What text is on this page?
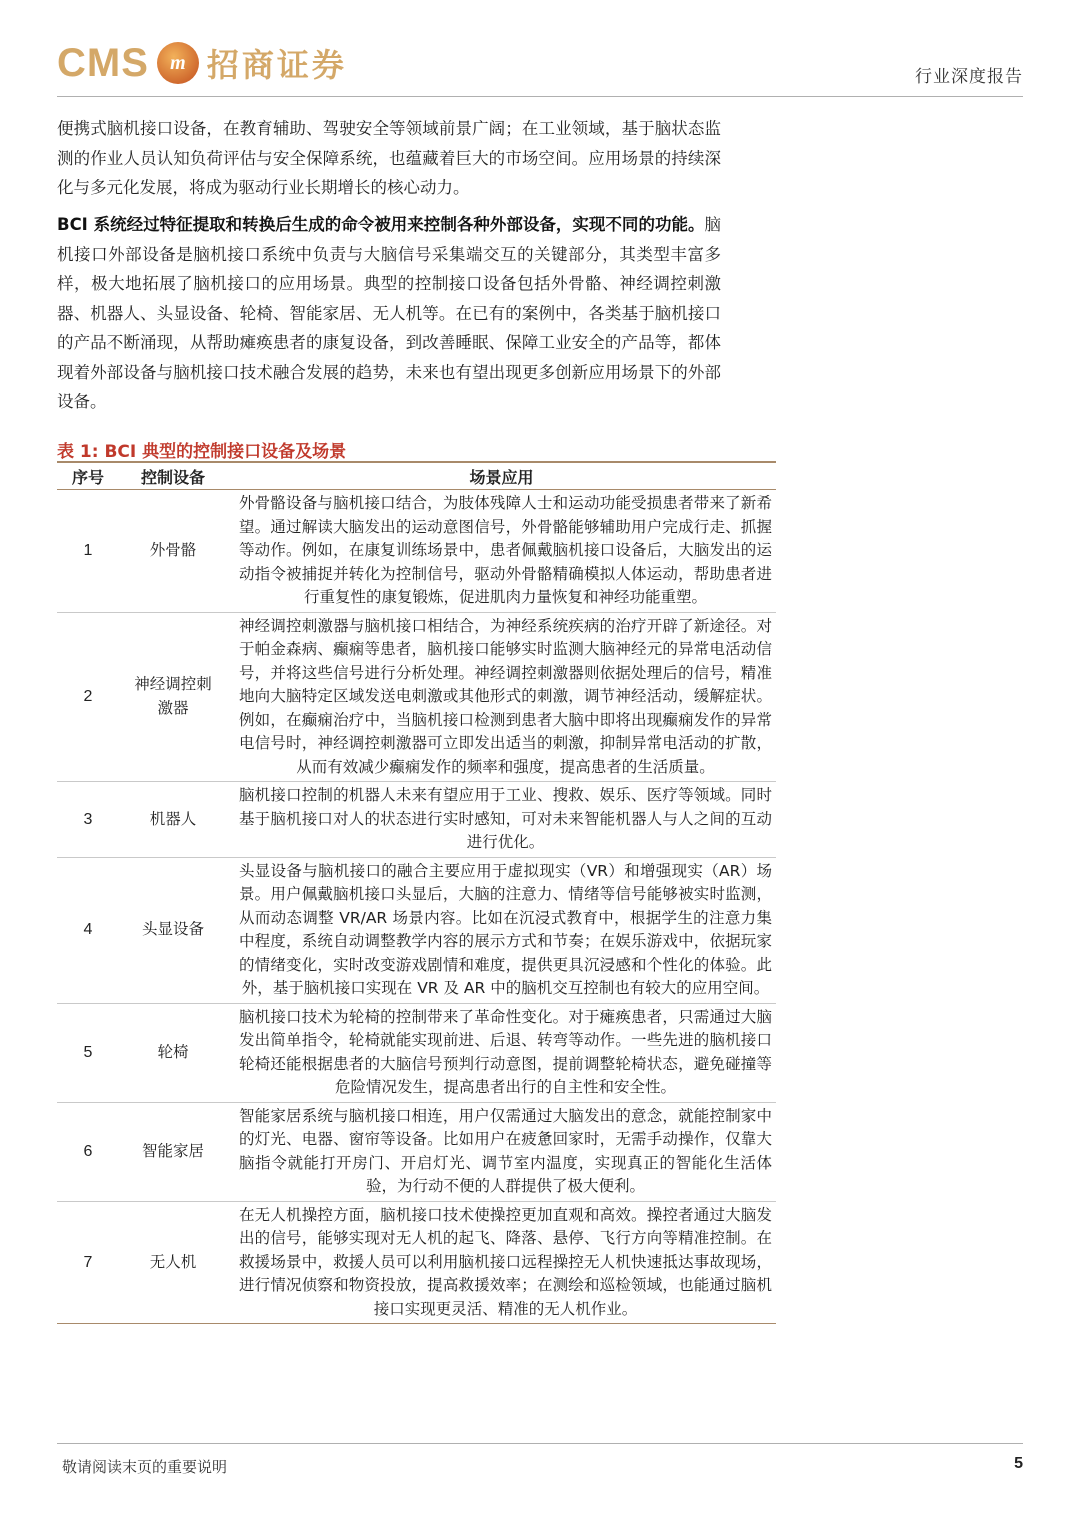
CMS	m 招商证券	行业深度报告

便携式脑机接口设备，在教育辅助、驾驶安全等领域前景广阔；在工业领域，基于脑状态监测的作业人员认知负荷评估与安全保障系统，也蕴藏着巨大的市场空间。应用场景的持续深化与多元化发展，将成为驱动行业长期增长的核心动力。

BCI 系统经过特征提取和转换后生成的命令被用来控制各种外部设备，实现不同的功能。脑机接口外部设备是脑机接口系统中负责与大脑信号采集端交互的关键部分，其类型丰富多样，极大地拓展了脑机接口的应用场景。典型的控制接口设备包括外骨骼、神经调控刺激器、机器人、头显设备、轮椅、智能家居、无人机等。在已有的案例中，各类基于脑机接口的产品不断涌现，从帮助瘫痪患者的康复设备，到改善睡眠、保障工业安全的产品等，都体现着外部设备与脑机接口技术融合发展的趋势，未来也有望出现更多创新应用场景下的外部设备。

表 1: BCI 典型的控制接口设备及场景
序号	控制设备	场景应用
1	外骨骼	外骨骼设备与脑机接口结合，为肢体残障人士和运动功能受损患者带来了新希望。通过解读大脑发出的运动意图信号，外骨骼能够辅助用户完成行走、抓握等动作。例如，在康复训练场景中，患者佩戴脑机接口设备后，大脑发出的运动指令被捕捉并转化为控制信号，驱动外骨骼精确模拟人体运动，帮助患者进行重复性的康复锻炼，促进肌肉力量恢复和神经功能重塑。
2	神经调控刺激器	神经调控刺激器与脑机接口相结合，为神经系统疾病的治疗开辟了新途径。对于帕金森病、癫痫等患者，脑机接口能够实时监测大脑神经元的异常电活动信号，并将这些信号进行分析处理。神经调控刺激器则依据处理后的信号，精准地向大脑特定区域发送电刺激或其他形式的刺激，调节神经活动，缓解症状。例如，在癫痫治疗中，当脑机接口检测到患者大脑中即将出现癫痫发作的异常电信号时，神经调控刺激器可立即发出适当的刺激，抑制异常电活动的扩散，从而有效减少癫痫发作的频率和强度，提高患者的生活质量。
3	机器人	脑机接口控制的机器人未来有望应用于工业、搜救、娱乐、医疗等领域。同时基于脑机接口对人的状态进行实时感知，可对未来智能机器人与人之间的互动进行优化。
4	头显设备	头显设备与脑机接口的融合主要应用于虚拟现实（VR）和增强现实（AR）场景。用户佩戴脑机接口头显后，大脑的注意力、情绪等信号能够被实时监测，从而动态调整 VR/AR 场景内容。比如在沉浸式教育中，根据学生的注意力集中程度，系统自动调整教学内容的展示方式和节奏；在娱乐游戏中，依据玩家的情绪变化，实时改变游戏剧情和难度，提供更具沉浸感和个性化的体验。此外，基于脑机接口实现在 VR 及 AR 中的脑机交互控制也有较大的应用空间。
5	轮椅	脑机接口技术为轮椅的控制带来了革命性变化。对于瘫痪患者，只需通过大脑发出简单指令，轮椅就能实现前进、后退、转弯等动作。一些先进的脑机接口轮椅还能根据患者的大脑信号预判行动意图，提前调整轮椅状态，避免碰撞等危险情况发生，提高患者出行的自主性和安全性。
6	智能家居	智能家居系统与脑机接口相连，用户仅需通过大脑发出的意念，就能控制家中的灯光、电器、窗帘等设备。比如用户在疲惫回家时，无需手动操作，仅靠大脑指令就能打开房门、开启灯光、调节室内温度，实现真正的智能化生活体验，为行动不便的人群提供了极大便利。
7	无人机	在无人机操控方面，脑机接口技术使操控更加直观和高效。操控者通过大脑发出的信号，能够实现对无人机的起飞、降落、悬停、飞行方向等精准控制。在救援场景中，救援人员可以利用脑机接口远程操控无人机快速抵达事故现场，进行情况侦察和物资投放，提高救援效率；在测绘和巡检领域，也能通过脑机接口实现更灵活、精准的无人机作业。
敬请阅读末页的重要说明	5
